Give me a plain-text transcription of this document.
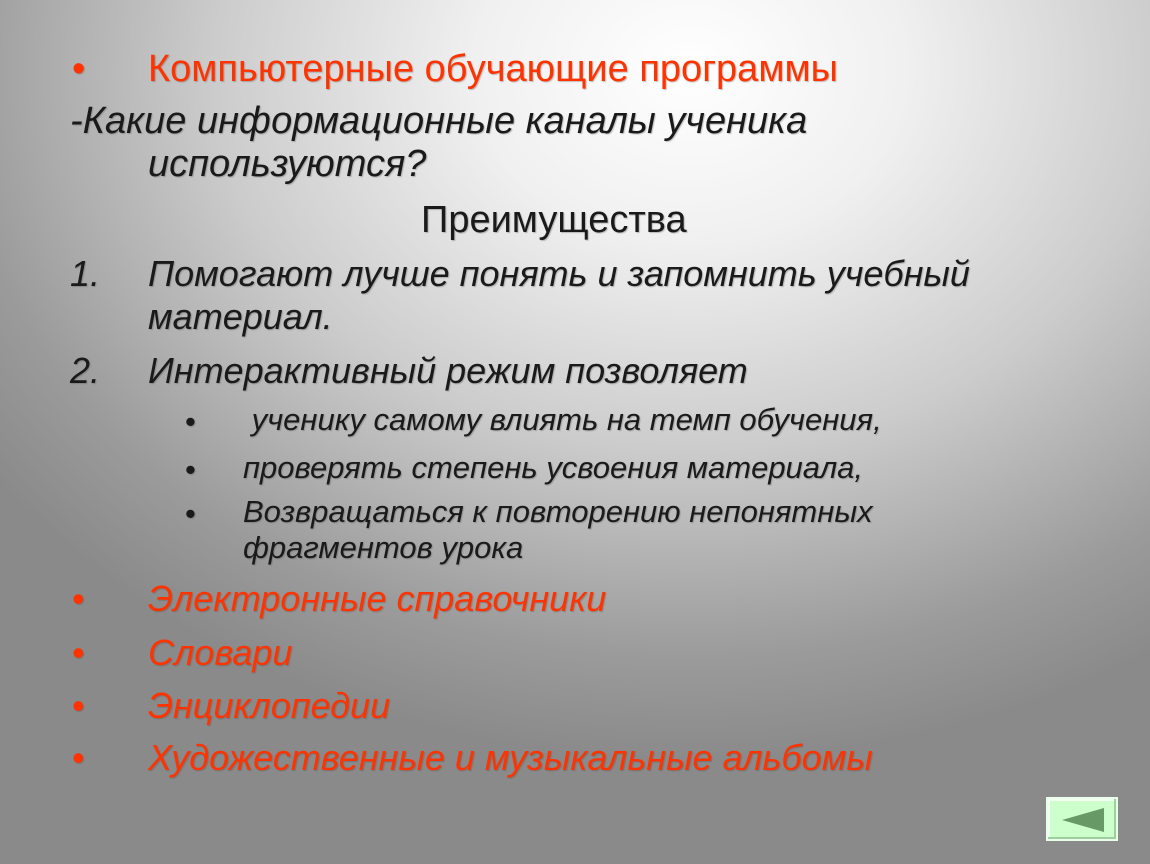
• Компьютерные обучающие программы
-Какие информационные каналы ученика
используются?
Преимущества
1. Помогают лучше понять и запомнить учебный
материал.
2. Интерактивный режим позволяет
• ученику самому влиять на темп обучения,
• проверять степень усвоения материала,
• Возвращаться к повторению непонятных
фрагментов урока
• Электронные справочники
• Словари
• Энциклопедии
• Художественные и музыкальные альбомы
